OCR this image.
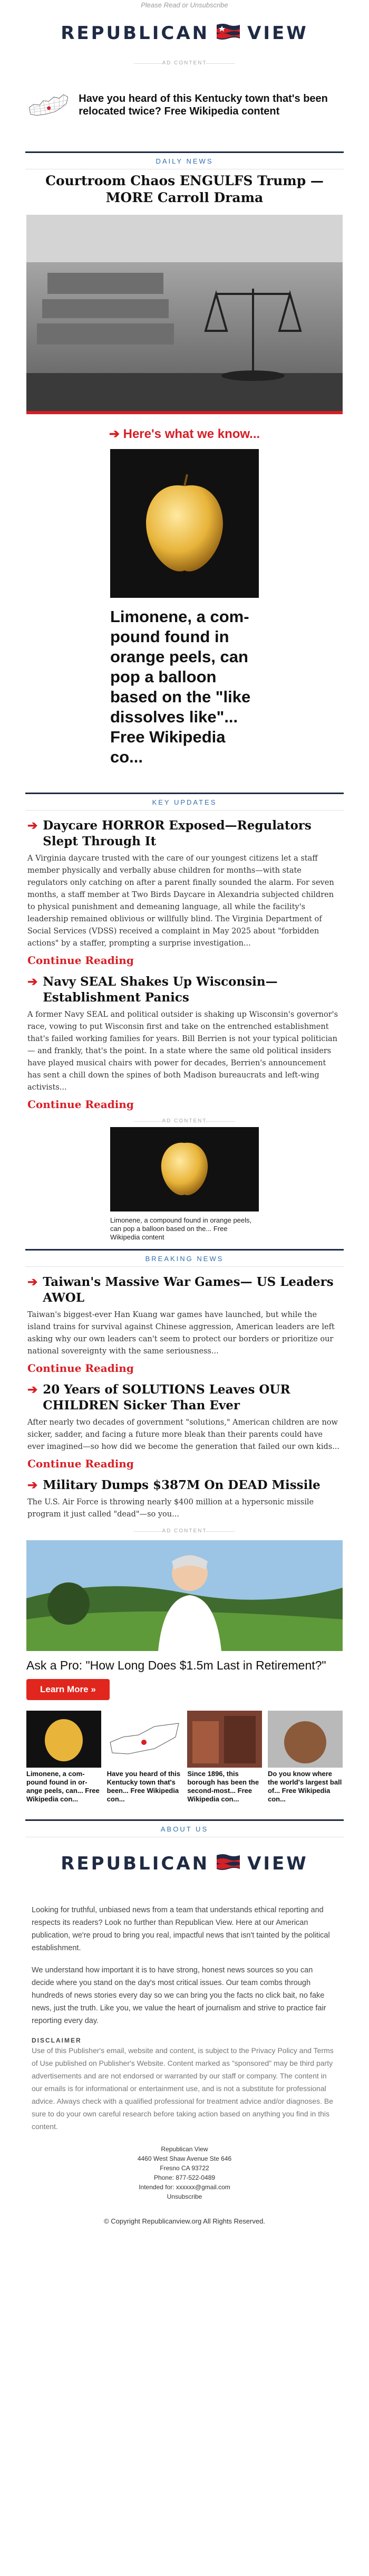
Please Read or Unsubscribe
REPUBLICAN VIEW
AD CONTENT
Have you heard of this Kentucky town that's been relocated twice? Free Wikipedia content
DAILY NEWS
Courtroom Chaos ENGULFS Trump — MORE Carroll Drama
➔ Here's what we know...
Limonene, a com-pound found in orange peels, can pop a balloon based on the "like dissolves like"... Free Wikipedia co...
KEY UPDATES
➔ Daycare HORROR Exposed—Regulators Slept Through It

A Virginia daycare trusted with the care of our youngest citizens let a staff member physically and verbally abuse children for months—with state regulators only catching on after a parent finally sounded the alarm. For seven months, a staff member at Two Birds Daycare in Alexandria subjected children to physical punishment and demeaning language, all while the facility's leadership remained oblivious or willfully blind. The Virginia Department of Social Services (VDSS) received a complaint in May 2025 about "forbidden actions" by a staffer, prompting a surprise investigation...

Continue Reading
➔ Navy SEAL Shakes Up Wisconsin—Establishment Panics

A former Navy SEAL and political outsider is shaking up Wisconsin's governor's race, vowing to put Wisconsin first and take on the entrenched establishment that's failed working families for years. Bill Berrien is not your typical politician — and frankly, that's the point. In a state where the same old political insiders have played musical chairs with power for decades, Berrien's announcement has sent a chill down the spines of both Madison bureaucrats and left-wing activists...

Continue Reading
AD CONTENT
Limonene, a compound found in orange peels, can pop a balloon based on the... Free Wikipedia content
BREAKING NEWS
➔ Taiwan's Massive War Games— US Leaders AWOL

Taiwan's biggest-ever Han Kuang war games have launched, but while the island trains for survival against Chinese aggression, American leaders are left asking why our own leaders can't seem to protect our borders or prioritize our national sovereignty with the same seriousness...

Continue Reading
➔ 20 Years of SOLUTIONS Leaves OUR CHILDREN Sicker Than Ever

After nearly two decades of government "solutions," American children are now sicker, sadder, and facing a future more bleak than their parents could have ever imagined—so how did we become the generation that failed our own kids...

Continue Reading
➔ Military Dumps $387M On DEAD Missile

The U.S. Air Force is throwing nearly $400 million at a hypersonic missile program it just called "dead"—so you...

AD CONTENT
Ask a Pro: "How Long Does $1.5m Last in Retirement?"
Learn More »
Limonene, a com-pound found in or-ange peels, can... Free Wikipedia con...
Have you heard of this Kentucky town that's been... Free Wikipedia con...
Since 1896, this borough has been the second-most... Free Wikipedia con...
Do you know where the world's largest ball of... Free Wikipedia con...
ABOUT US
REPUBLICAN VIEW

Looking for truthful, unbiased news from a team that understands ethical reporting and respects its readers? Look no further than Republican View. Here at our American publication, we're proud to bring you real, impactful news that isn't tainted by the political establishment.

We understand how important it is to have strong, honest news sources so you can decide where you stand on the day's most critical issues. Our team combs through hundreds of news stories every day so we can bring you the facts no click bait, no fake news, just the truth. Like you, we value the heart of journalism and strive to practice fair reporting every day.

DISCLAIMER
Use of this Publisher's email, website and content, is subject to the Privacy Policy and Terms of Use published on Publisher's Website. Content marked as "sponsored" may be third party advertisements and are not endorsed or warranted by our staff or company. The content in our emails is for informational or entertainment use, and is not a substitute for professional advice. Always check with a qualified professional for treatment advice and/or diagnoses. Be sure to do your own careful research before taking action based on anything you find in this content.
Republican View
4460 West Shaw Avenue Ste 646
Fresno CA 93722
Phone: 877-522-0489
Intended for: xxxxxx@gmail.com
Unsubscribe
© Copyright Republicanview.org All Rights Reserved.
